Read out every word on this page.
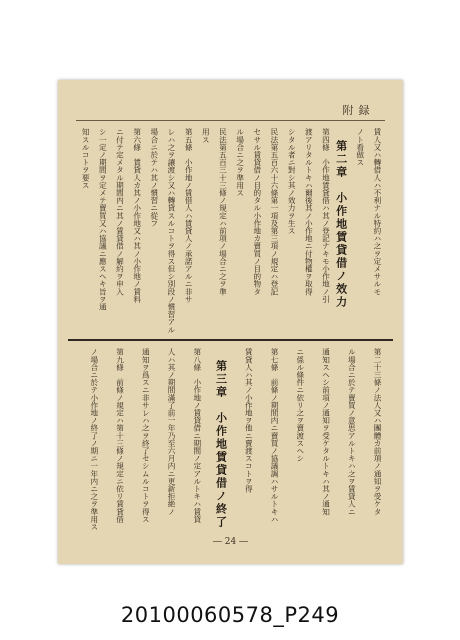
附録
賃人又ハ轉借人ハ不利ナル特約ハ之ヲ定メサルモ
ノト看做ス
第二章　小作地賃貸借ノ效力
第四條　小作地賃貸借ハ其ノ登記ナキモ小作地ノ引
渡アリタルトキハ爾後其ノ小作地ニ付物權ヲ取得
シタル者ニ對シ其ノ效力ヲ生ス
民法第五百六十六條第一項及第三項ノ規定ハ登記
セサル賃貸借ノ目的タル小作地カ賣買ノ目的物タ
ル場合ニ之ヲ準用ス
民法第五百三十三條ノ規定ハ前項ノ場合ニ之ヲ準
用ス
第五條　小作地ノ賃借人ハ賃貸人ノ承諾アルニ非サ
レハ之ヲ讓渡シ又ハ轉貸スルコトヲ得ス但シ別段ノ慣習アル
場合ニ於テハ其ノ慣習ニ從フ
第六條　賃貸人カ其ノ小作地又ハ其ノ小作地ノ賃料
ニ付テ定メタル期間内ニ其ノ賃貸借ノ解約ヲ申入
シ一定ノ期間ヲ定メテ賣買又ハ協議ニ應スヘキ旨ヲ通
知スルコトヲ要ス
第二十三條ノ法人又ハ團體カ前項ノ通知ヲ受ケタ
ル場合ニ於テ賣買ノ意思アルトキハ之ヲ賃貸人ニ
通知スヘシ前項ノ通知ヲ受ケタルトキハ其ノ通知
ニ係ル條件ニ依リ之ヲ賣渡スヘシ
第七條　前條ノ期間内ニ賣買ノ協議調ハサルトキハ
賃貸人ハ其ノ小作地ヲ他ニ賣渡スコトヲ得
第三章　小作地賃貸借ノ終了
第八條　小作地ノ賃貸借ニ期間ノ定アルトキハ賃貸
人ハ其ノ期間滿了前一年乃至六月内ニ更新拒絶ノ
通知ヲ爲スニ非サレハ之ヲ終了セシムルコトヲ得ス
第九條　前條ノ規定ハ第十三條ノ規定ニ依リ賃貸借
ノ場合ニ於テ小作地ノ終了ノ期ニ一年内ニ之ヲ準用ス
― 24 ―
20100060578_P249
